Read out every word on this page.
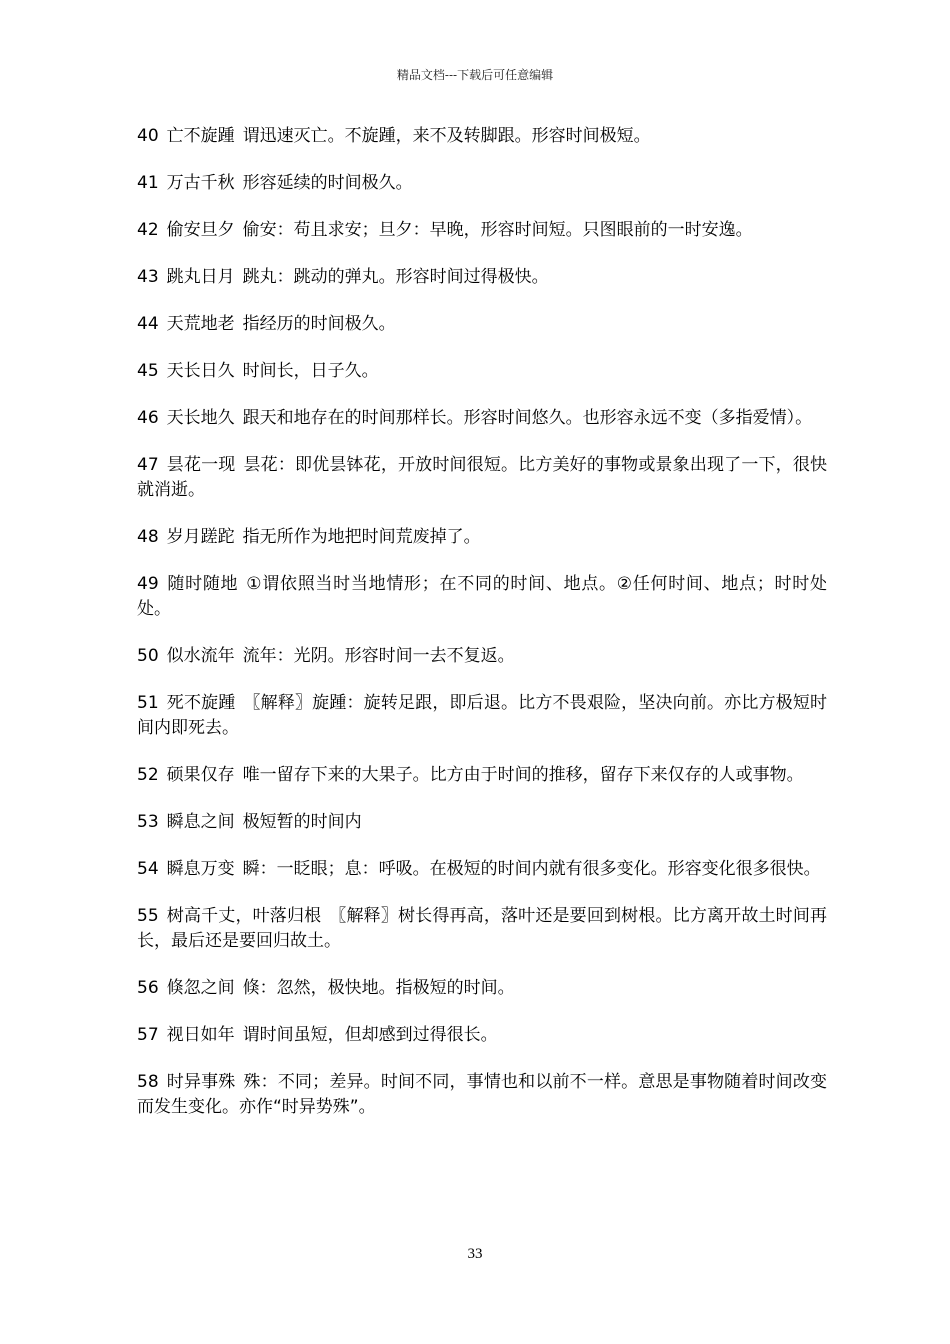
精品文档---下载后可任意编辑

40 亡不旋踵 谓迅速灭亡。不旋踵，来不及转脚跟。形容时间极短。

41 万古千秋 形容延续的时间极久。

42 偷安旦夕 偷安：苟且求安；旦夕：早晚，形容时间短。只图眼前的一时安逸。

43 跳丸日月 跳丸：跳动的弹丸。形容时间过得极快。

44 天荒地老 指经历的时间极久。

45 天长日久 时间长，日子久。

46 天长地久 跟天和地存在的时间那样长。形容时间悠久。也形容永远不变（多指爱情）。

47 昙花一现 昙花：即优昙钵花，开放时间很短。比方美好的事物或景象出现了一下，很快就消逝。

48 岁月蹉跎 指无所作为地把时间荒废掉了。

49 随时随地 ①谓依照当时当地情形；在不同的时间、地点。②任何时间、地点；时时处处。

50 似水流年 流年：光阴。形容时间一去不复返。

51 死不旋踵 〖解释〗旋踵：旋转足跟，即后退。比方不畏艰险，坚决向前。亦比方极短时间内即死去。

52 硕果仅存 唯一留存下来的大果子。比方由于时间的推移，留存下来仅存的人或事物。

53 瞬息之间 极短暂的时间内

54 瞬息万变 瞬：一眨眼；息：呼吸。在极短的时间内就有很多变化。形容变化很多很快。

55 树高千丈，叶落归根 〖解释〗树长得再高，落叶还是要回到树根。比方离开故土时间再长，最后还是要回归故土。

56 倏忽之间 倏：忽然，极快地。指极短的时间。

57 视日如年 谓时间虽短，但却感到过得很长。

58 时异事殊 殊：不同；差异。时间不同，事情也和以前不一样。意思是事物随着时间改变而发生变化。亦作“时异势殊”。

33
